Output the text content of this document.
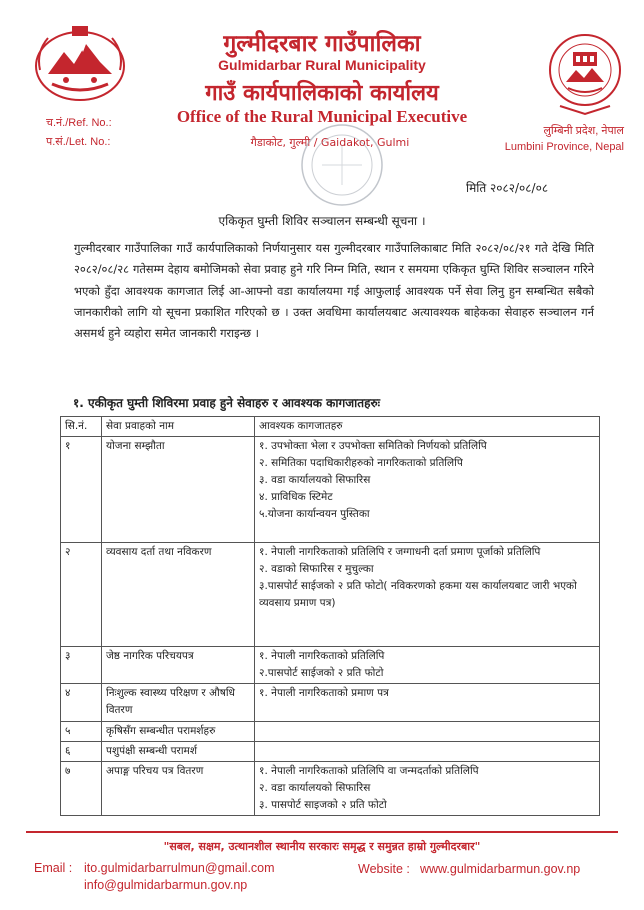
गुल्मीदरबार गाउँपालिका
Gulmidarbar Rural Municipality
गाउँ कार्यपालिकाको कार्यालय
Office of the Rural Municipal Executive
गैडाकोट, गुल्मी / Gaidakot, Gulmi
च.नं./Ref. No.:
प.सं./Let. No.:
लुम्बिनी प्रदेश, नेपाल
Lumbini Province, Nepal
मिति २०८२/०८/०८
एकिकृत घुम्ती शिविर सञ्चालन सम्बन्धी सूचना ।
गुल्मीदरबार गाउँपालिका गाउँ कार्यपालिकाको निर्णयानुसार यस गुल्मीदरबार गाउँपालिकाबाट मिति २०८२/०८/२१ गते देखि मिति २०८२/०८/२८ गतेसम्म देहाय बमोजिमको सेवा प्रवाह हुने गरि निम्न मिति, स्थान र समयमा एकिकृत घुम्ति शिविर सञ्चालन गरिने भएको हुँदा आवश्यक कागजात लिई आ-आफ्नो वडा कार्यालयमा गई आफुलाई आवश्यक पर्ने सेवा लिनु हुन सम्बन्धित सबैको जानकारीको लागि यो सूचना प्रकाशित गरिएको छ । उक्त अवधिमा कार्यालयबाट अत्यावश्यक बाहेकका सेवाहरु सञ्चालन गर्न असमर्थ हुने व्यहोरा समेत जानकारी गराइन्छ ।
१. एकीकृत घुम्ती शिविरमा प्रवाह हुने सेवाहरु र आवश्यक कागजातहरुः
सि.नं.	सेवा प्रवाहको नाम	आवश्यक कागजातहरु
१	योजना सम्झौता	१. उपभोक्ता भेला र उपभोक्ता समितिको निर्णयको प्रतिलिपि
२. समितिका पदाधिकारीहरुको नागरिकताको प्रतिलिपि
३. वडा कार्यालयको सिफारिस
४. प्राविधिक स्टिमेट
५.योजना कार्यान्वयन पुस्तिका

२	व्यवसाय दर्ता तथा नविकरण	१. नेपाली नागरिकताको प्रतिलिपि र जग्गाधनी दर्ता प्रमाण पूर्जाको प्रतिलिपि
२. वडाको सिफारिस र मुचुल्का
३.पासपोर्ट साईजको २ प्रति फोटो( नविकरणको हकमा यस कार्यालयबाट जारी भएको व्यवसाय प्रमाण पत्र)

३	जेष्ठ नागरिक परिचयपत्र	१. नेपाली नागरिकताको प्रतिलिपि
२.पासपोर्ट साईजको २ प्रति फोटो

४	निःशुल्क स्वास्थ्य परिक्षण र औषधि वितरण	१. नेपाली नागरिकताको प्रमाण पत्र

५	कृषिसँग सम्बन्धीत परामर्शहरु	
६	पशुपंक्षी सम्बन्धी परामर्श	
७	अपाङ्ग परिचय पत्र वितरण	१. नेपाली नागरिकताको प्रतिलिपि वा जन्मदर्ताको प्रतिलिपि
२. वडा कार्यालयको सिफारिस
३. पासपोर्ट साइजको २ प्रति फोटो
"सबल, सक्षम, उत्थानशील स्थानीय सरकारः समृद्ध र समुन्नत हाम्रो गुल्मीदरबार"
Email : ito.gulmidarbarrulmun@gmail.com
info@gulmidarbarmun.gov.np
Website : www.gulmidarbarmun.gov.np
